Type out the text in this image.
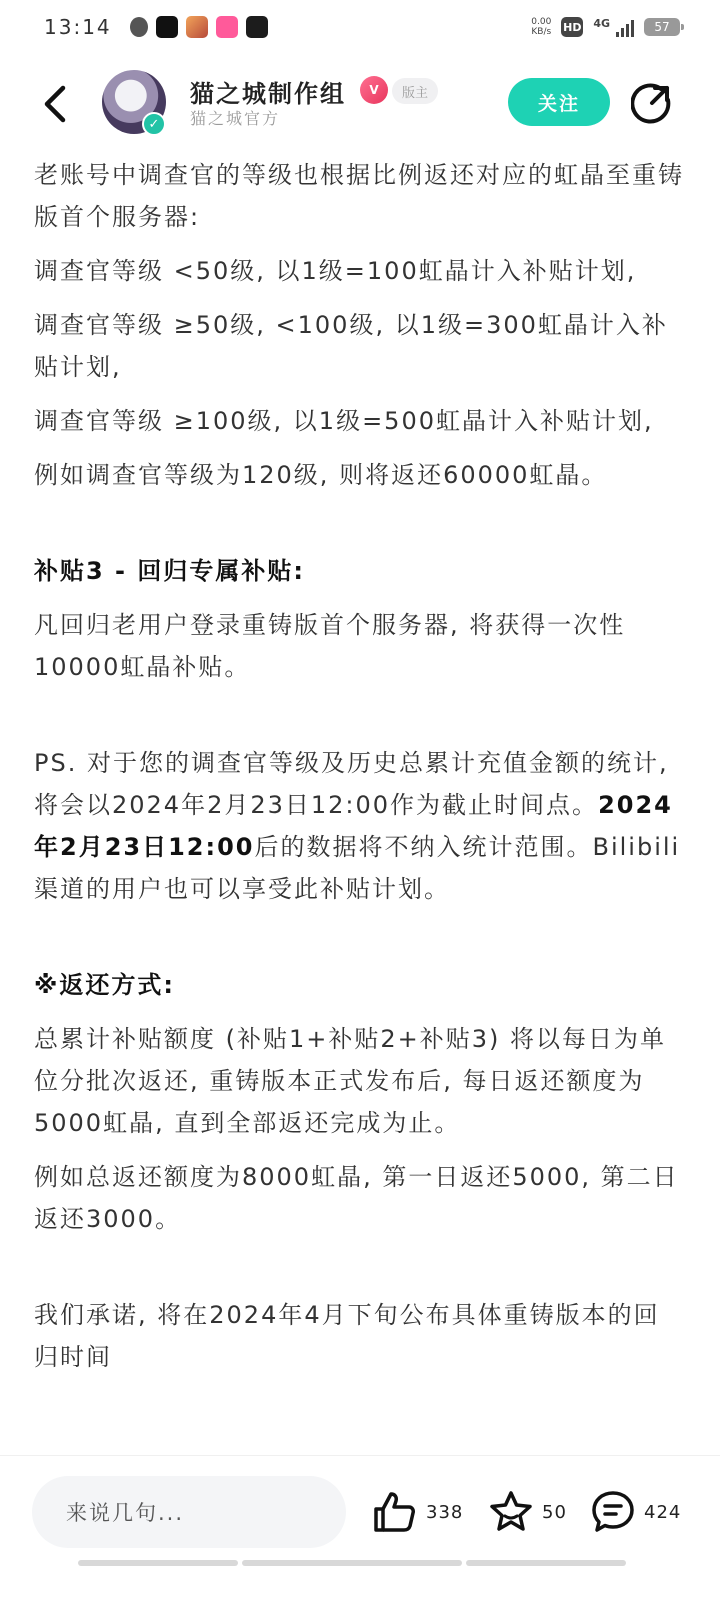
13:14	0.00
KB/s HD 4G	57
✓
猫之城制作组	V	版主
猫之城官方
关注

老账号中调查官的等级也根据比例返还对应的虹晶至重铸版首个服务器:

调查官等级 <50级, 以1级=100虹晶计入补贴计划,

调查官等级 ≥50级, <100级, 以1级=300虹晶计入补贴计划,

调查官等级 ≥100级, 以1级=500虹晶计入补贴计划,

例如调查官等级为120级, 则将返还60000虹晶。

补贴3 - 回归专属补贴:

凡回归老用户登录重铸版首个服务器, 将获得一次性10000虹晶补贴。

PS. 对于您的调查官等级及历史总累计充值金额的统计, 将会以2024年2月23日12:00作为截止时间点。2024年2月23日12:00后的数据将不纳入统计范围。Bilibili渠道的用户也可以享受此补贴计划。

※返还方式:

总累计补贴额度 (补贴1+补贴2+补贴3) 将以每日为单位分批次返还, 重铸版本正式发布后, 每日返还额度为5000虹晶, 直到全部返还完成为止。

例如总返还额度为8000虹晶, 第一日返还5000, 第二日返还3000。

我们承诺, 将在2024年4月下旬公布具体重铸版本的回归时间

来说几句...	338	50	424
